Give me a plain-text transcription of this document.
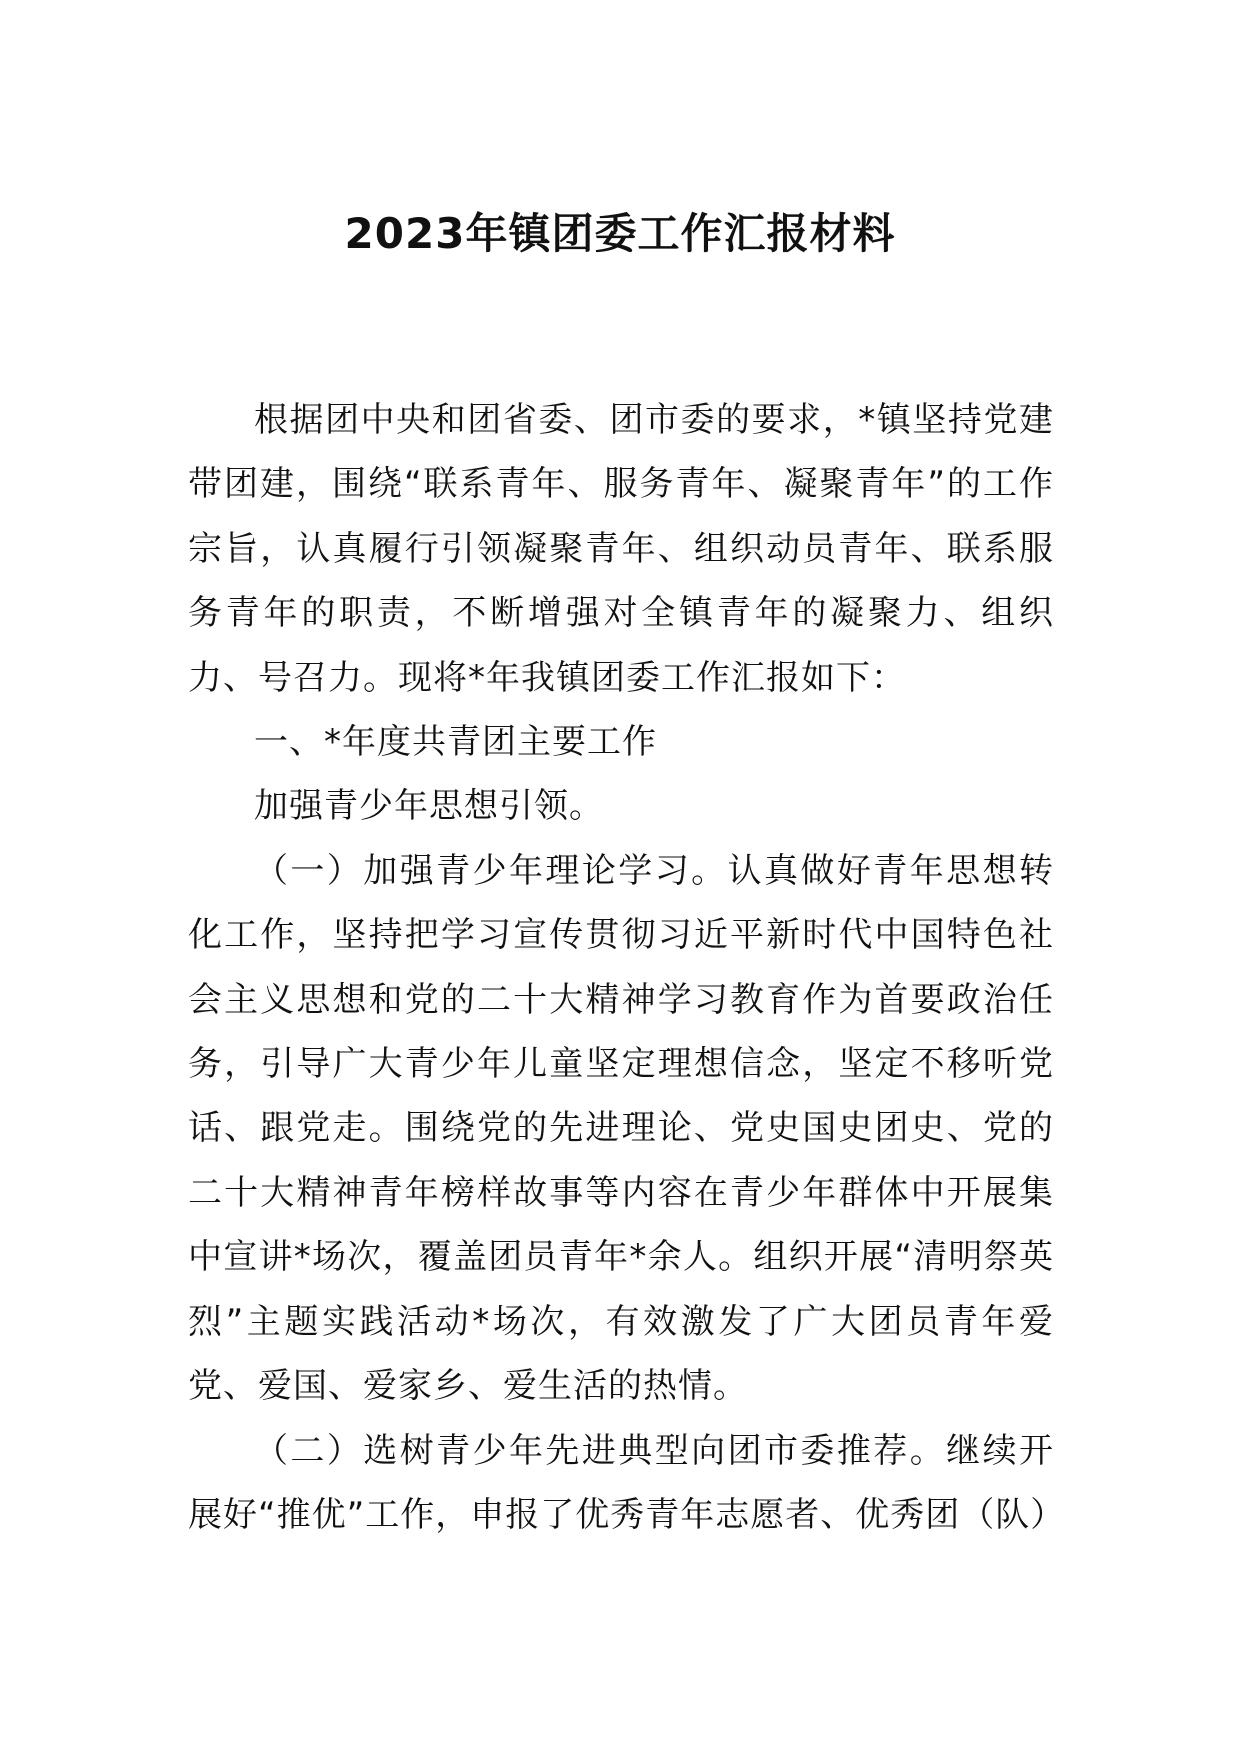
2023年镇团委工作汇报材料

根据团中央和团省委、团市委的要求，*镇坚持党建带团建，围绕“联系青年、服务青年、凝聚青年”的工作宗旨，认真履行引领凝聚青年、组织动员青年、联系服务青年的职责，不断增强对全镇青年的凝聚力、组织力、号召力。现将*年我镇团委工作汇报如下：

一、*年度共青团主要工作

加强青少年思想引领。

（一）加强青少年理论学习。认真做好青年思想转化工作，坚持把学习宣传贯彻习近平新时代中国特色社会主义思想和党的二十大精神学习教育作为首要政治任务，引导广大青少年儿童坚定理想信念，坚定不移听党话、跟党走。围绕党的先进理论、党史国史团史、党的二十大精神青年榜样故事等内容在青少年群体中开展集中宣讲*场次，覆盖团员青年*余人。组织开展“清明祭英烈”主题实践活动*场次，有效激发了广大团员青年爱党、爱国、爱家乡、爱生活的热情。

（二）选树青少年先进典型向团市委推荐。继续开展好“推优”工作，申报了优秀青年志愿者、优秀团（队）
